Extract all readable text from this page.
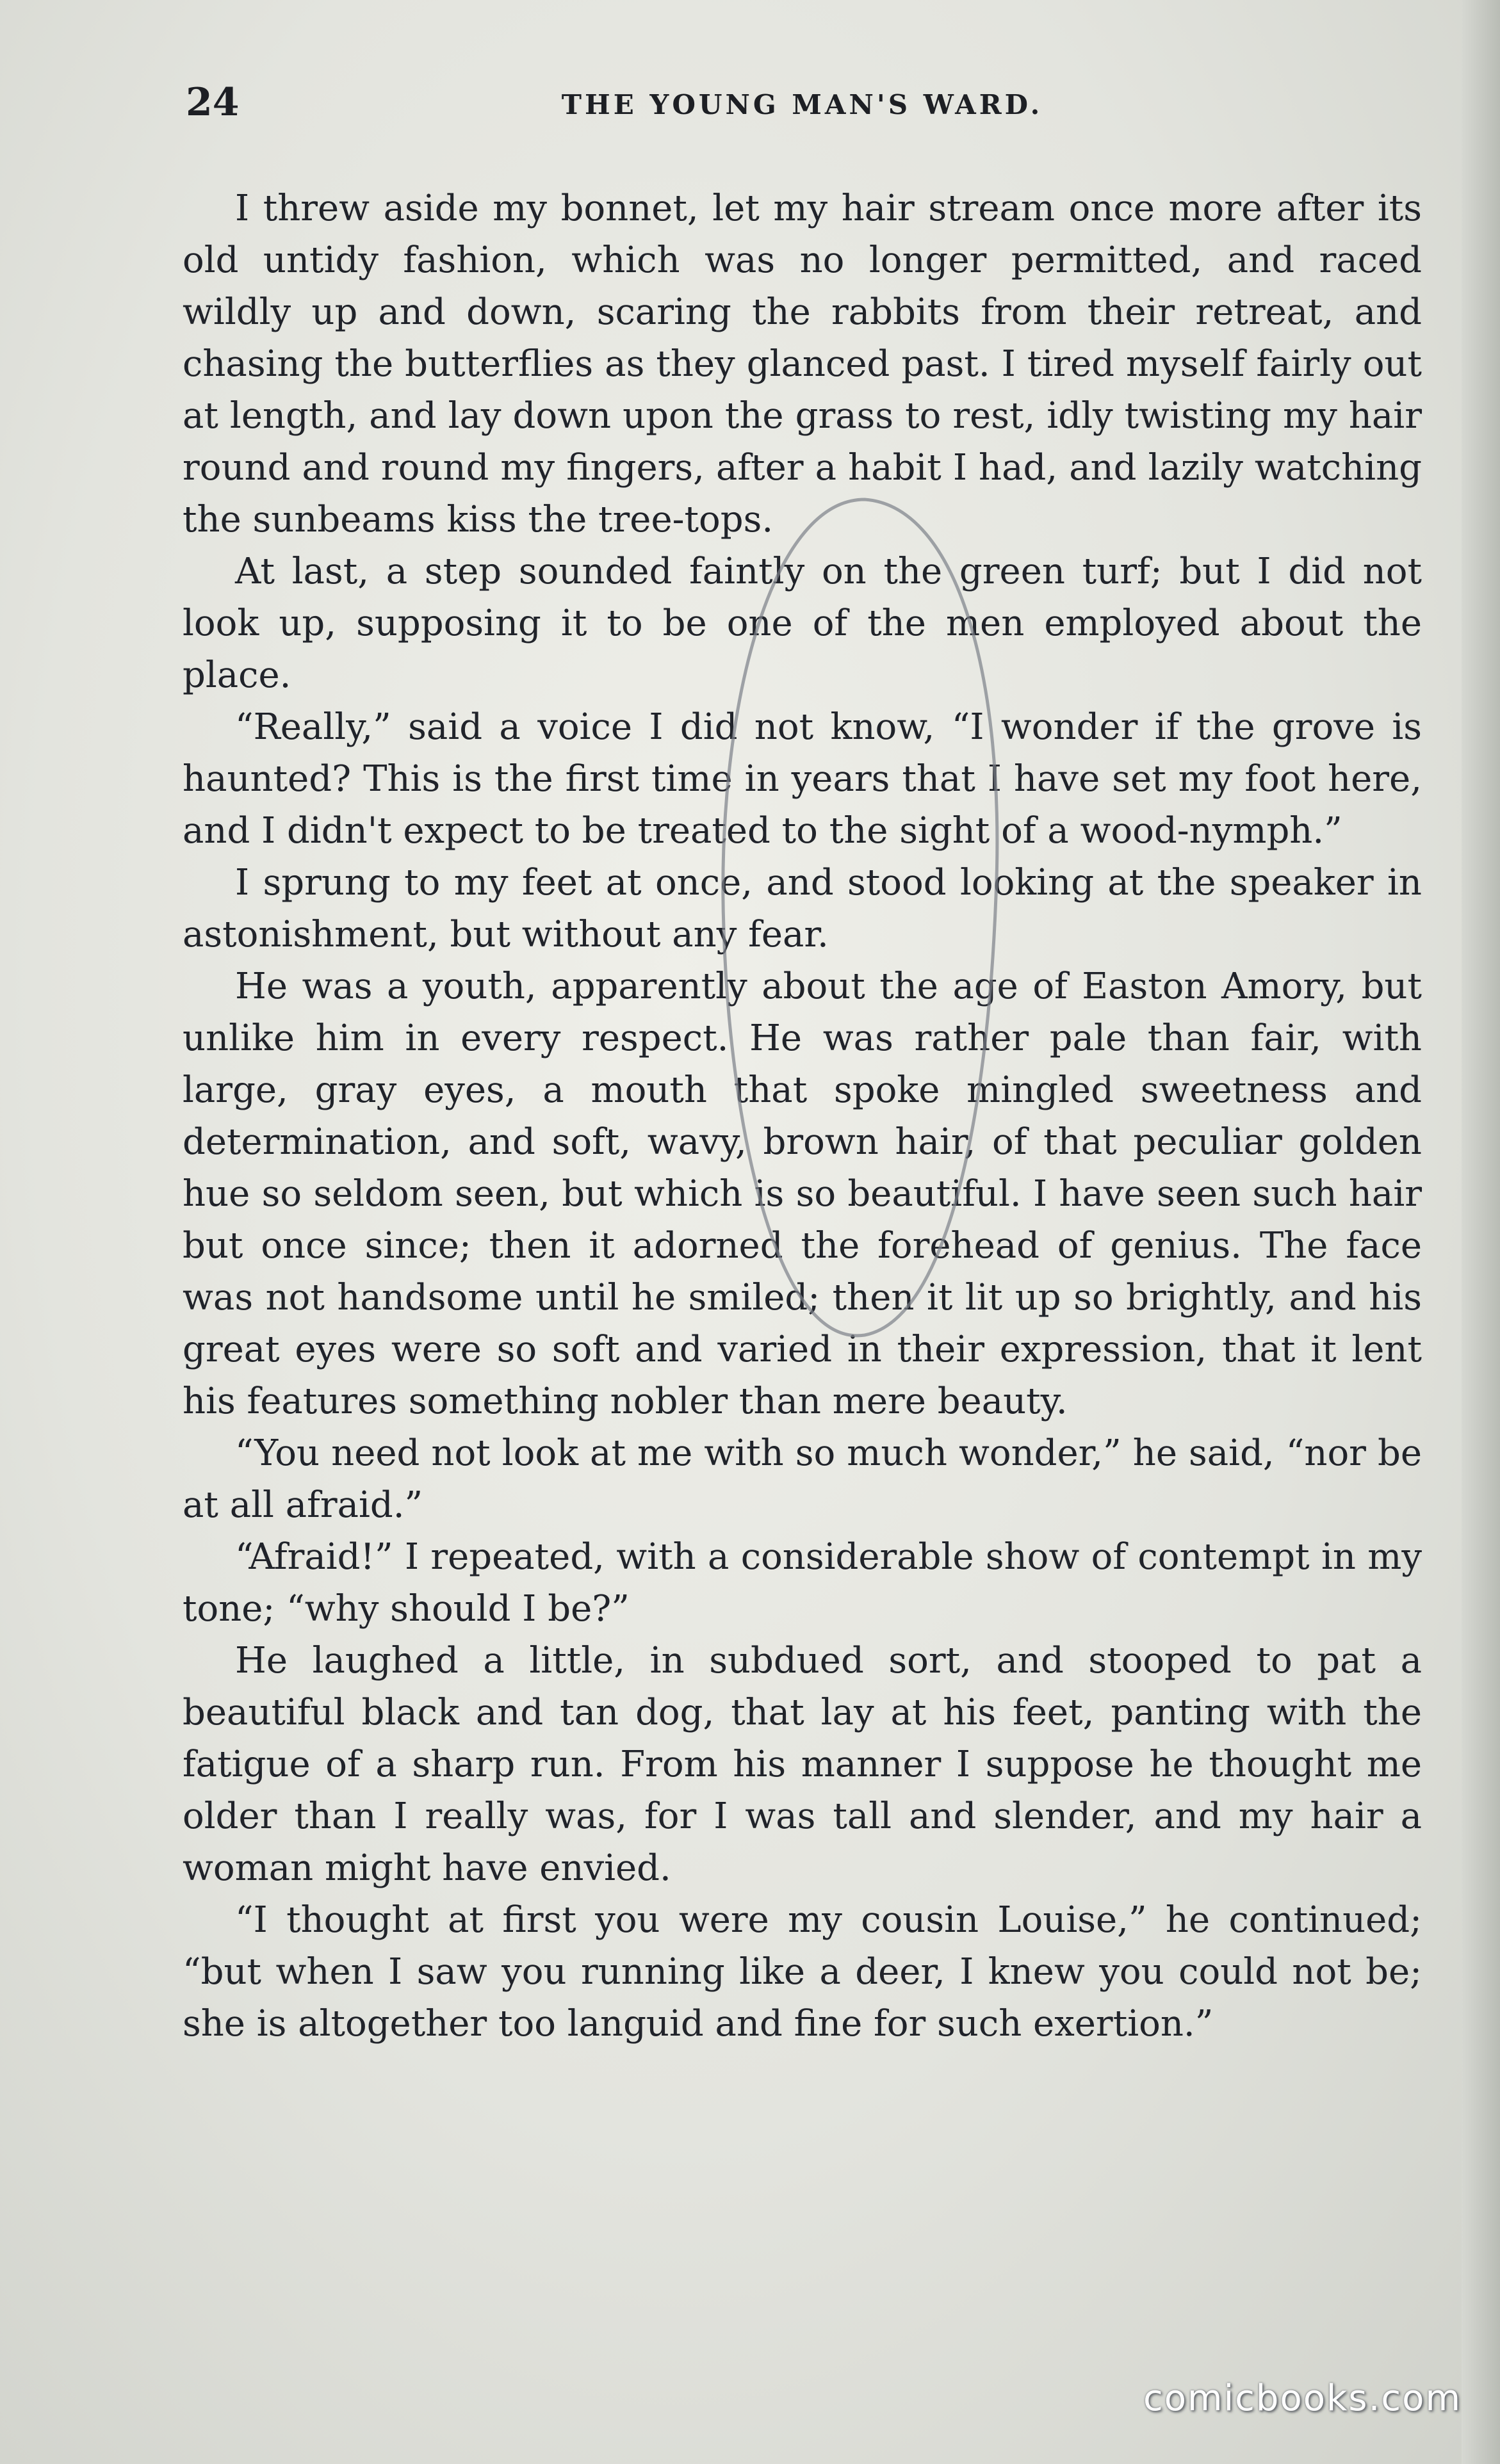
24	THE YOUNG MAN'S WARD.

I threw aside my bonnet, let my hair stream once more after its old untidy fashion, which was no longer permitted, and raced wildly up and down, scaring the rabbits from their retreat, and chasing the butterflies as they glanced past. I tired myself fairly out at length, and lay down upon the grass to rest, idly twisting my hair round and round my fingers, after a habit I had, and lazily watching the sunbeams kiss the tree-tops.

At last, a step sounded faintly on the green turf; but I did not look up, supposing it to be one of the men employed about the place.

“Really,” said a voice I did not know, “I wonder if the grove is haunted? This is the first time in years that I have set my foot here, and I didn't expect to be treated to the sight of a wood-nymph.”

I sprung to my feet at once, and stood looking at the speaker in astonishment, but without any fear.

He was a youth, apparently about the age of Easton Amory, but unlike him in every respect. He was rather pale than fair, with large, gray eyes, a mouth that spoke mingled sweetness and determination, and soft, wavy, brown hair, of that peculiar golden hue so seldom seen, but which is so beautiful. I have seen such hair but once since; then it adorned the forehead of genius. The face was not handsome until he smiled; then it lit up so brightly, and his great eyes were so soft and varied in their expression, that it lent his features something nobler than mere beauty.

“You need not look at me with so much wonder,” he said, “nor be at all afraid.”

“Afraid!” I repeated, with a considerable show of contempt in my tone; “why should I be?”

He laughed a little, in subdued sort, and stooped to pat a beautiful black and tan dog, that lay at his feet, panting with the fatigue of a sharp run. From his manner I suppose he thought me older than I really was, for I was tall and slender, and my hair a woman might have envied.

“I thought at first you were my cousin Louise,” he continued; “but when I saw you running like a deer, I knew you could not be; she is altogether too languid and fine for such exertion.”

comicbooks.com
